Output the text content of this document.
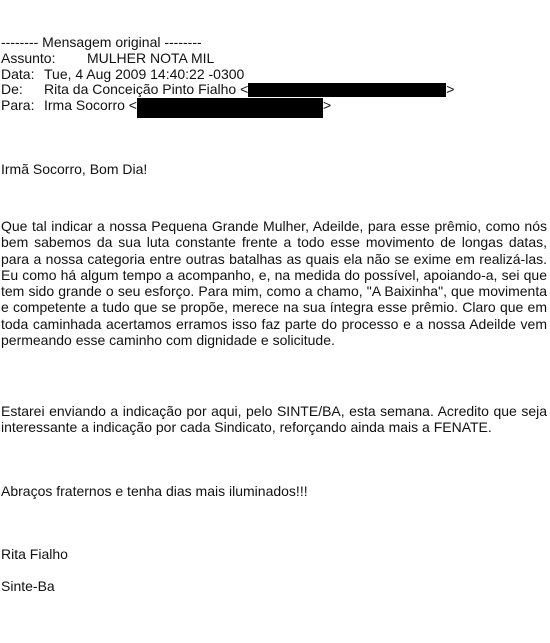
-------- Mensagem original --------
Assunto: MULHER NOTA MIL
Data: Tue, 4 Aug 2009 14:40:22 -0300
De: Rita da Conceição Pinto Fialho <	>
Para: Irma Socorro <	>
Irmã Socorro, Bom Dia!

Que tal indicar a nossa Pequena Grande Mulher, Adeilde, para esse prêmio, como nós bem sabemos da sua luta constante frente a todo esse movimento de longas datas, para a nossa categoria entre outras batalhas as quais ela não se exime em realizá-las. Eu como há algum tempo a acompanho, e, na medida do possível, apoiando-a, sei que tem sido grande o seu esforço. Para mim, como a chamo, "A Baixinha", que movimenta e competente a tudo que se propõe, merece na sua íntegra esse prêmio. Claro que em toda caminhada acertamos erramos isso faz parte do processo e a nossa Adeilde vem permeando esse caminho com dignidade e solicitude.

Estarei enviando a indicação por aqui, pelo SINTE/BA, esta semana. Acredito que seja interessante a indicação por cada Sindicato, reforçando ainda mais a FENATE.

Abraços fraternos e tenha dias mais iluminados!!!
Rita Fialho
Sinte-Ba
